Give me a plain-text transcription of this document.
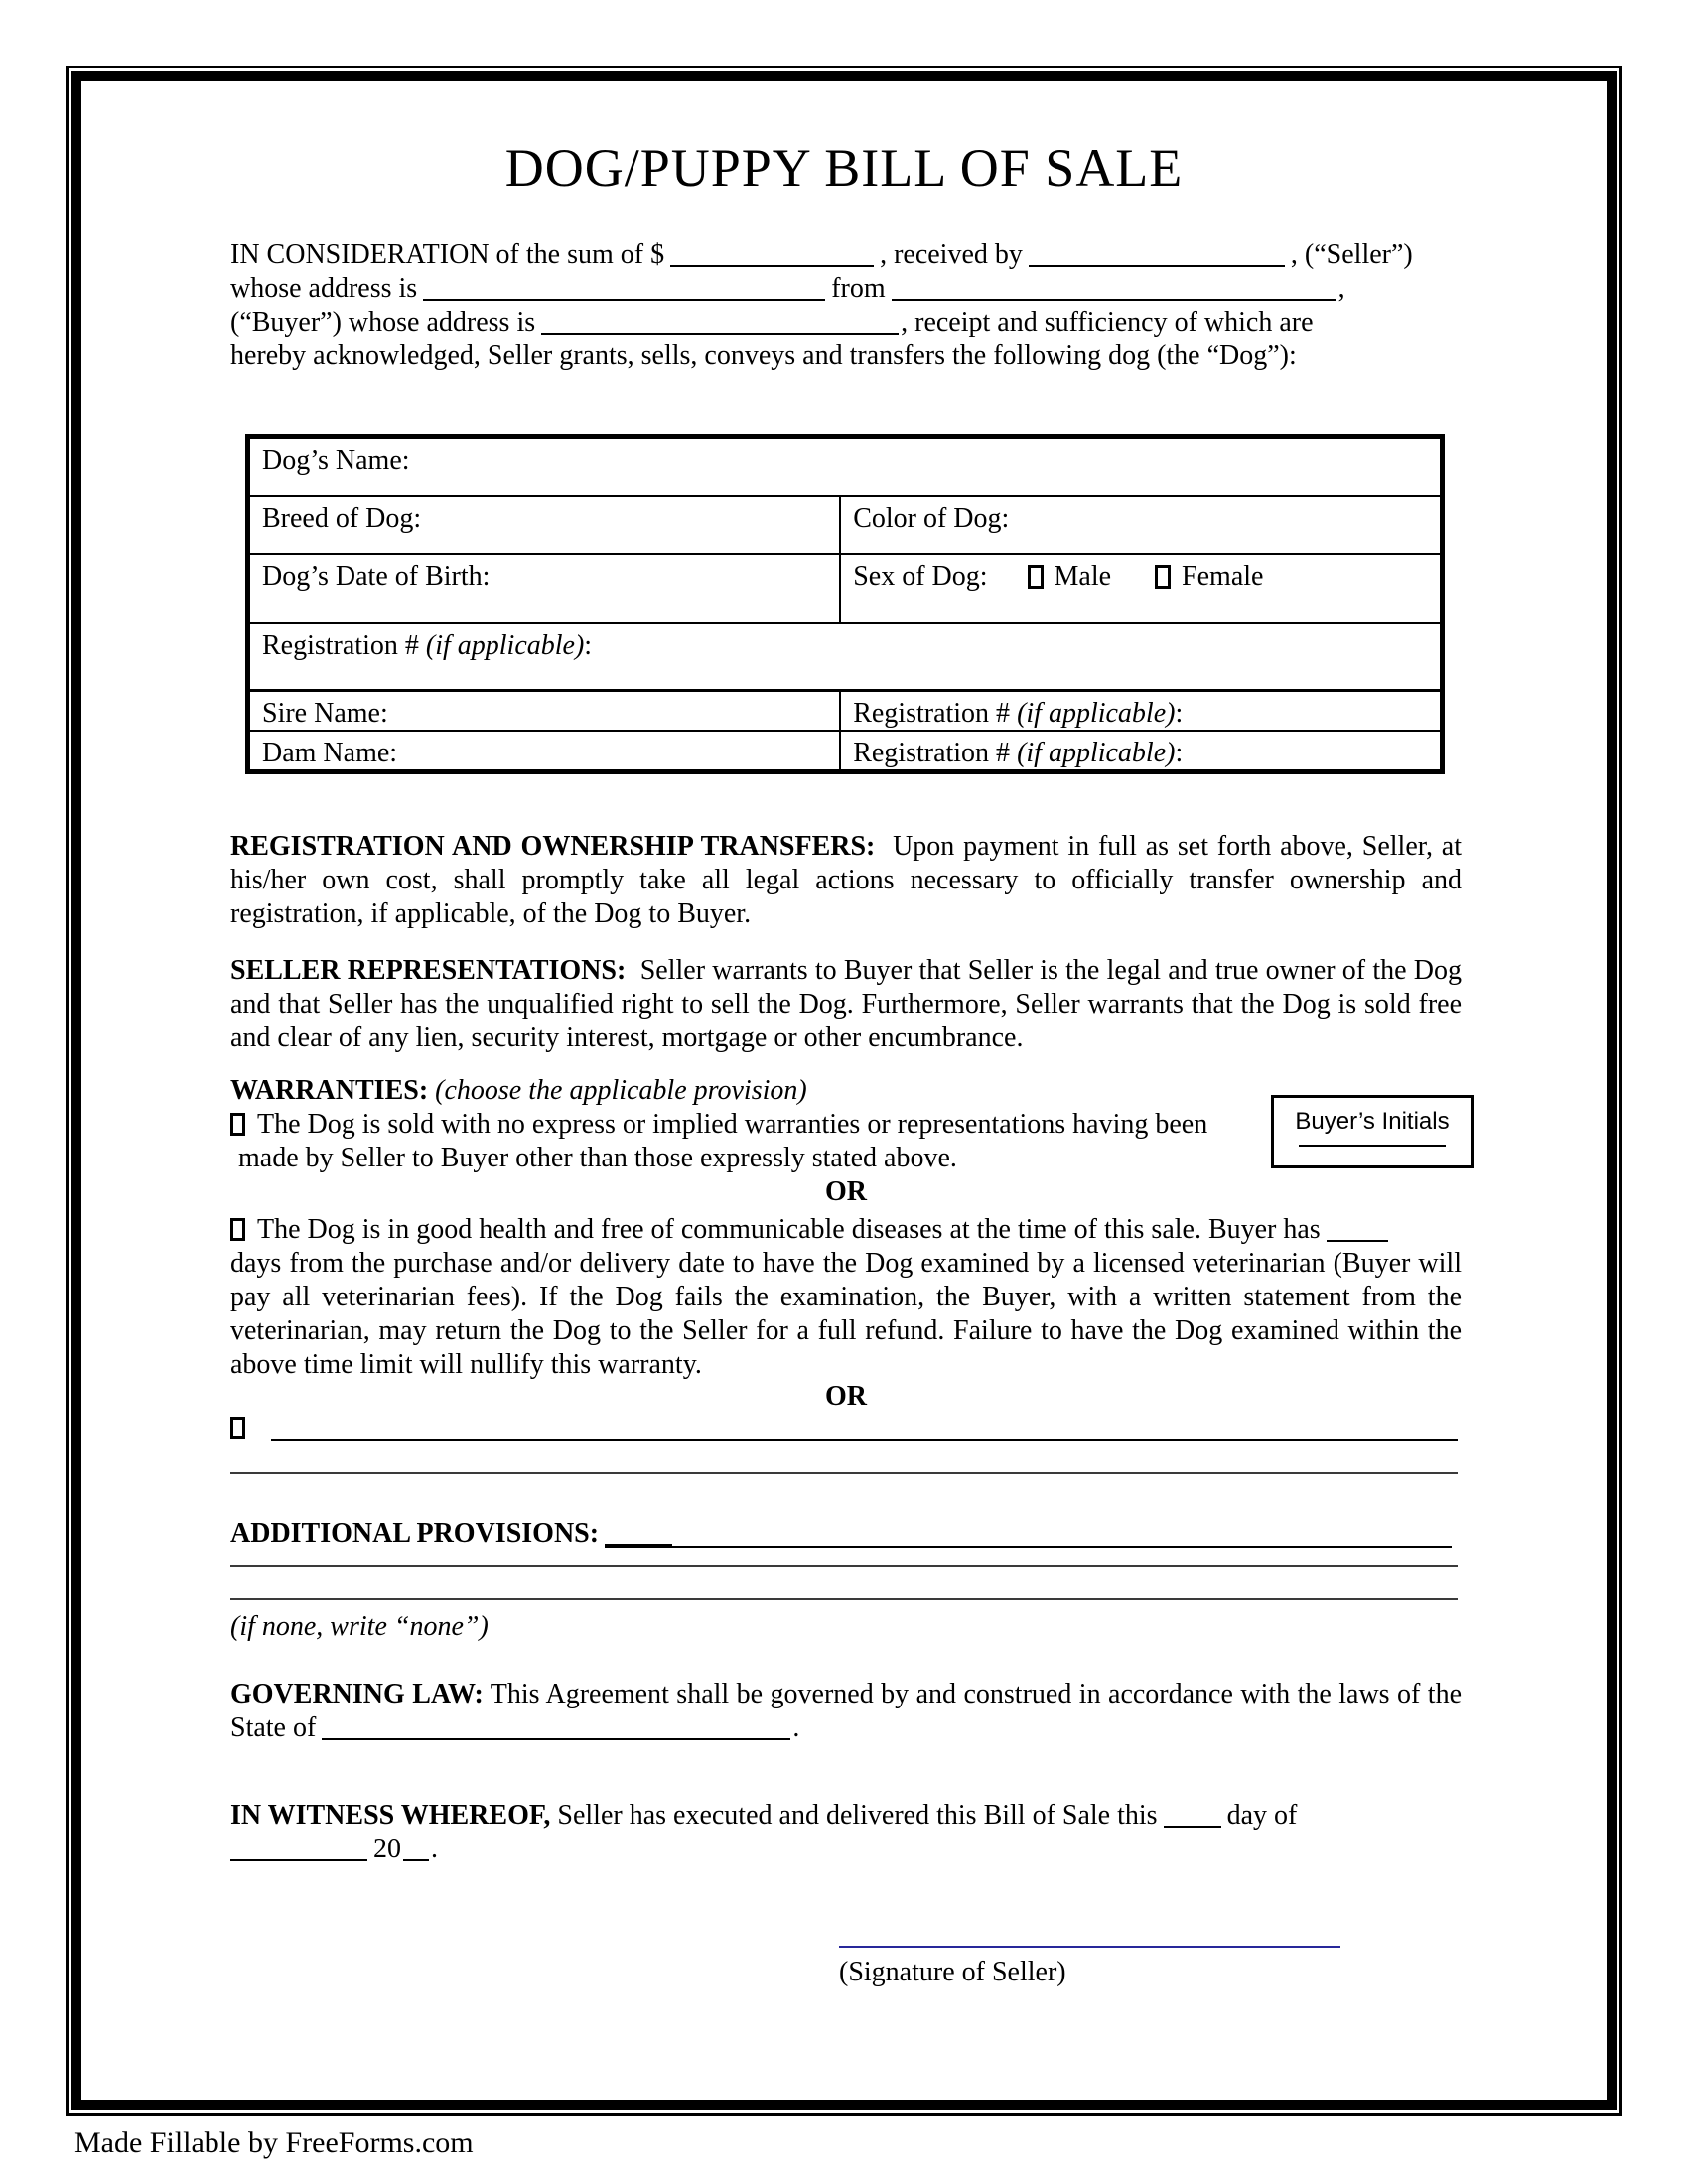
DOG/PUPPY BILL OF SALE
IN CONSIDERATION of the sum of $	, received by	, (“Seller”)
whose address is	from	,
(“Buyer”) whose address is	, receipt and sufficiency of which are
hereby acknowledged, Seller grants, sells, conveys and transfers the following dog (the “Dog”):
Dog’s Name:	
Breed of Dog:	Color of Dog:
Dog’s Date of Birth:	Sex of Dog: Male Female
Registration # (if applicable):	
Sire Name:	Registration # (if applicable):
Dam Name:	Registration # (if applicable):
REGISTRATION AND OWNERSHIP TRANSFERS: Upon payment in full as set forth above, Seller, at his/her own cost, shall promptly take all legal actions necessary to officially transfer ownership and registration, if applicable, of the Dog to Buyer.
SELLER REPRESENTATIONS: Seller warrants to Buyer that Seller is the legal and true owner of the Dog and that Seller has the unqualified right to sell the Dog. Furthermore, Seller warrants that the Dog is sold free and clear of any lien, security interest, mortgage or other encumbrance.
WARRANTIES: (choose the applicable provision)
The Dog is sold with no express or implied warranties or representations having been
made by Seller to Buyer other than those expressly stated above.
Buyer’s Initials
OR
The Dog is in good health and free of communicable diseases at the time of this sale. Buyer has
days from the purchase and/or delivery date to have the Dog examined by a licensed veterinarian (Buyer will pay all veterinarian fees). If the Dog fails the examination, the Buyer, with a written statement from the veterinarian, may return the Dog to the Seller for a full refund. Failure to have the Dog examined within the above time limit will nullify this warranty.
OR
ADDITIONAL PROVISIONS:
(if none, write “none”)
GOVERNING LAW: This Agreement shall be governed by and construed in accordance with the laws of the State of	.
IN WITNESS WHEREOF, Seller has executed and delivered this Bill of Sale this	day of
20 .
(Signature of Seller)
Made Fillable by FreeForms.com
